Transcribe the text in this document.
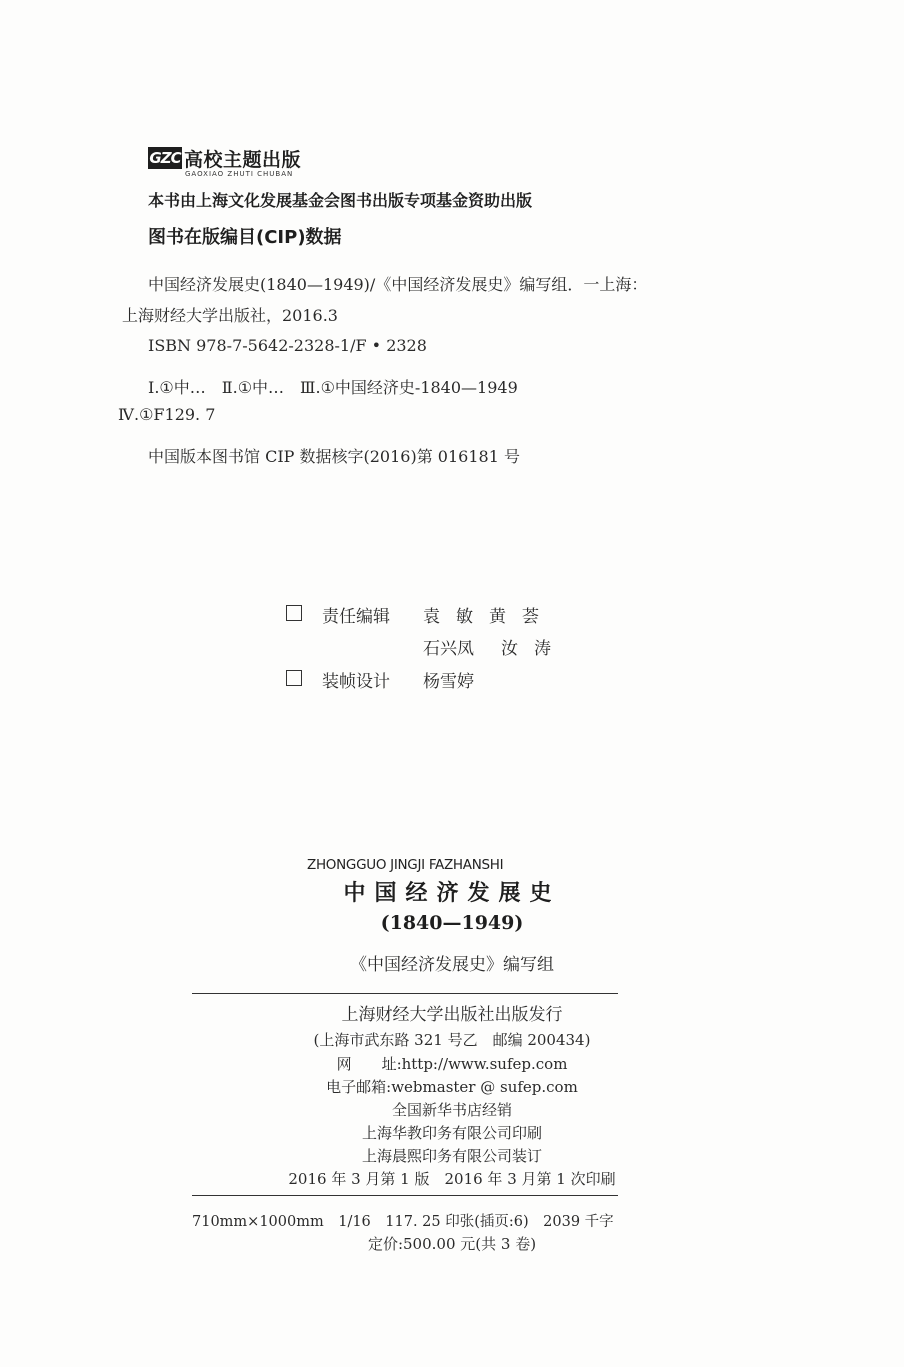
GZC 高校主题出版
GAOXIAO ZHUTI CHUBAN
本书由上海文化发展基金会图书出版专项基金资助出版
图书在版编目(CIP)数据
中国经济发展史(1840—1949)/《中国经济发展史》编写组．一上海：
上海财经大学出版社，2016.3
ISBN 978-7-5642-2328-1/F • 2328
Ⅰ.①中…　Ⅱ.①中…　Ⅲ.①中国经济史-1840—1949
Ⅳ.①F129. 7
中国版本图书馆 CIP 数据核字(2016)第 016181 号
责任编辑 袁 敏 黄 荟
石兴凤 汝 涛
装帧设计 杨雪婷
ZHONGGUO JINGJI FAZHANSHI
中国经济发展史
(1840—1949)
《中国经济发展史》编写组
上海财经大学出版社出版发行
(上海市武东路 321 号乙　邮编 200434)
网　　址:http://www.sufep.com
电子邮箱:webmaster @ sufep.com
全国新华书店经销
上海华教印务有限公司印刷
上海晨熙印务有限公司装订
2016 年 3 月第 1 版　2016 年 3 月第 1 次印刷
710mm×1000mm　1/16　117. 25 印张(插页:6)　2039 千字
定价:500.00 元(共 3 卷)
